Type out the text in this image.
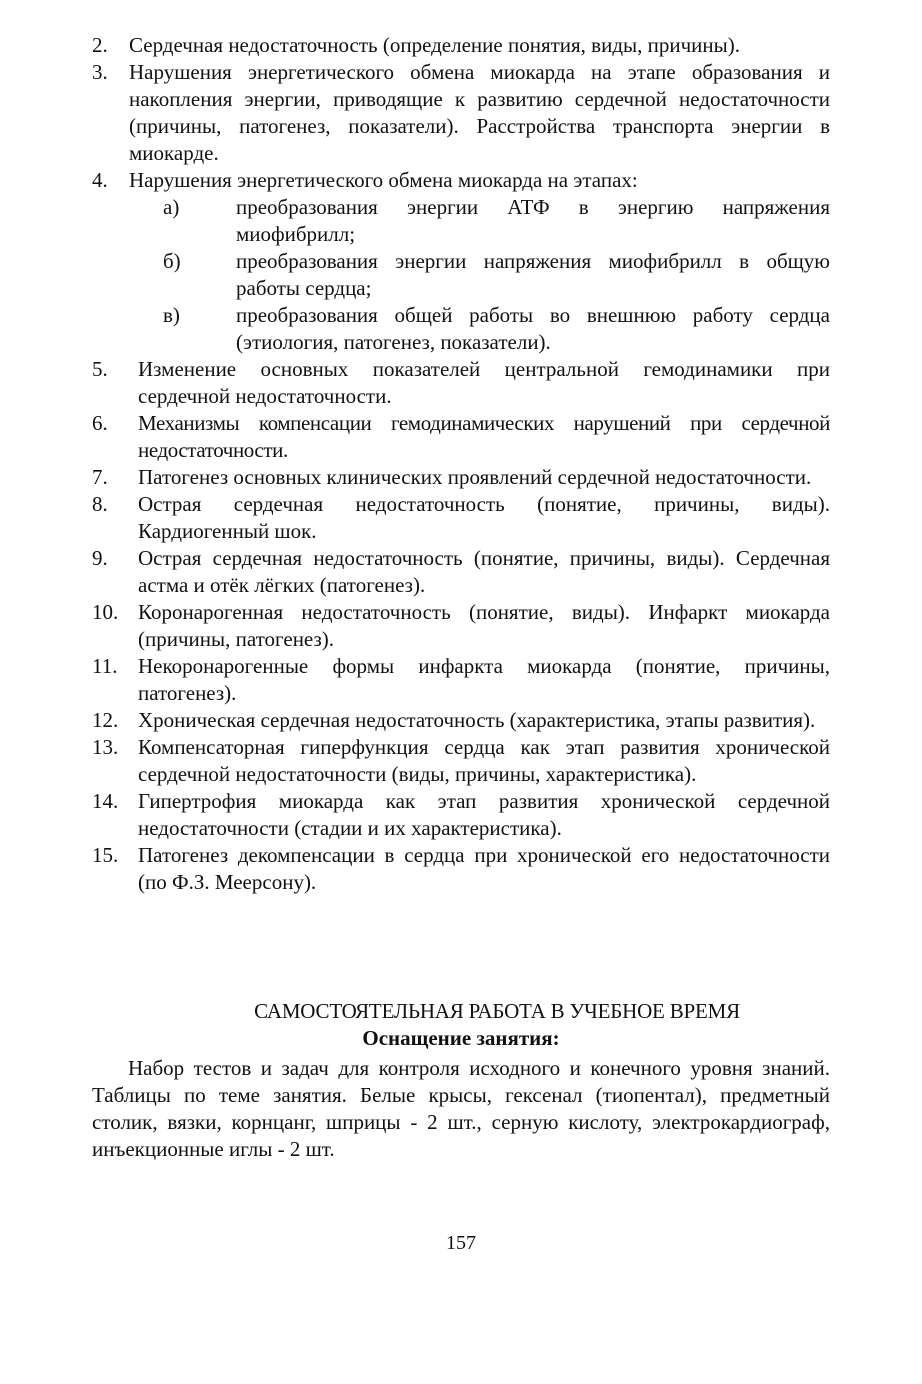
2. Сердечная недостаточность (определение понятия, виды, причины).
3. Нарушения энергетического обмена миокарда на этапе образования и накопления энергии, приводящие к развитию сердечной недостаточности (причины, патогенез, показатели). Расстройства транспорта энергии в миокарде.
4. Нарушения энергетического обмена миокарда на этапах:
а)	преобразования энергии АТФ в энергию напряжения миофибрилл;
б)	преобразования энергии напряжения миофибрилл в общую работы сердца;
в)	преобразования общей работы во внешнюю работу сердца (этиология, патогенез, показатели).
5. Изменение основных показателей центральной гемодинамики при сердечной недостаточности.
6. Механизмы компенсации гемодинамических нарушений при сердечной недостаточности.
7. Патогенез основных клинических проявлений сердечной недостаточности.
8. Острая сердечная недостаточность (понятие, причины, виды). Кардиогенный шок.
9. Острая сердечная недостаточность (понятие, причины, виды). Сердечная астма и отёк лёгких (патогенез).
10. Коронарогенная недостаточность (понятие, виды). Инфаркт миокарда (причины, патогенез).
11. Некоронарогенные формы инфаркта миокарда (понятие, причины, патогенез).
12. Хроническая сердечная недостаточность (характеристика, этапы развития).
13. Компенсаторная гиперфункция сердца как этап развития хронической сердечной недостаточности (виды, причины, характеристика).
14. Гипертрофия миокарда как этап развития хронической сердечной недостаточности (стадии и их характеристика).
15. Патогенез декомпенсации в сердца при хронической его недостаточности (по Ф.З. Меерсону).
САМОСТОЯТЕЛЬНАЯ РАБОТА В УЧЕБНОЕ ВРЕМЯ
Оснащение занятия:

Набор тестов и задач для контроля исходного и конечного уровня знаний. Таблицы по теме занятия. Белые крысы, гексенал (тиопентал), предметный столик, вязки, корнцанг, шприцы - 2 шт., серную кислоту, электрокардиограф, инъекционные иглы - 2 шт.

157
